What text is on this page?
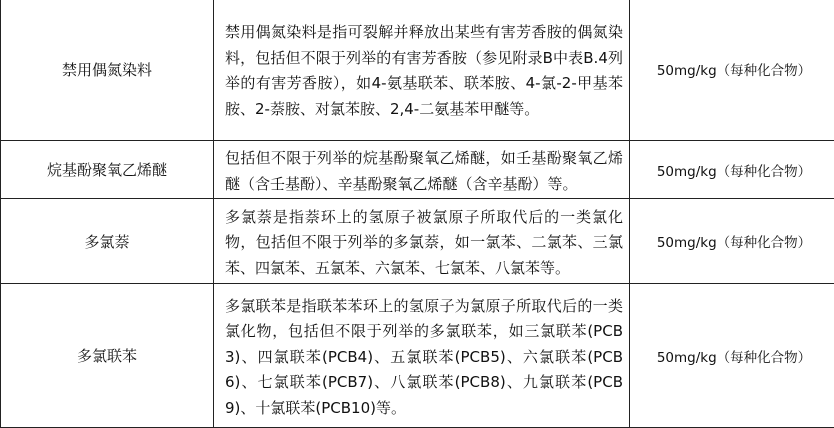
禁用偶氮染料	禁用偶氮染料是指可裂解并释放出某些有害芳香胺的偶氮染料，包括但不限于列举的有害芳香胺（参见附录B中表B.4列举的有害芳香胺），如4-氨基联苯、联苯胺、4-氯-2-甲基苯胺、2-萘胺、对氯苯胺、2,4-二氨基苯甲醚等。	50mg/kg（每种化合物）
烷基酚聚氧乙烯醚	包括但不限于列举的烷基酚聚氧乙烯醚，如壬基酚聚氧乙烯醚（含壬基酚）、辛基酚聚氧乙烯醚（含辛基酚）等。	50mg/kg（每种化合物）
多氯萘	多氯萘是指萘环上的氢原子被氯原子所取代后的一类氯化物，包括但不限于列举的多氯萘，如一氯苯、二氯苯、三氯苯、四氯苯、五氯苯、六氯苯、七氯苯、八氯苯等。	50mg/kg（每种化合物）
多氯联苯	多氯联苯是指联苯苯环上的氢原子为氯原子所取代后的一类氯化物，包括但不限于列举的多氯联苯，如三氯联苯(PCB3)、四氯联苯(PCB4)、五氯联苯(PCB5)、六氯联苯(PCB6)、七氯联苯(PCB7)、八氯联苯(PCB8)、九氯联苯(PCB9)、十氯联苯(PCB10)等。	50mg/kg（每种化合物）
